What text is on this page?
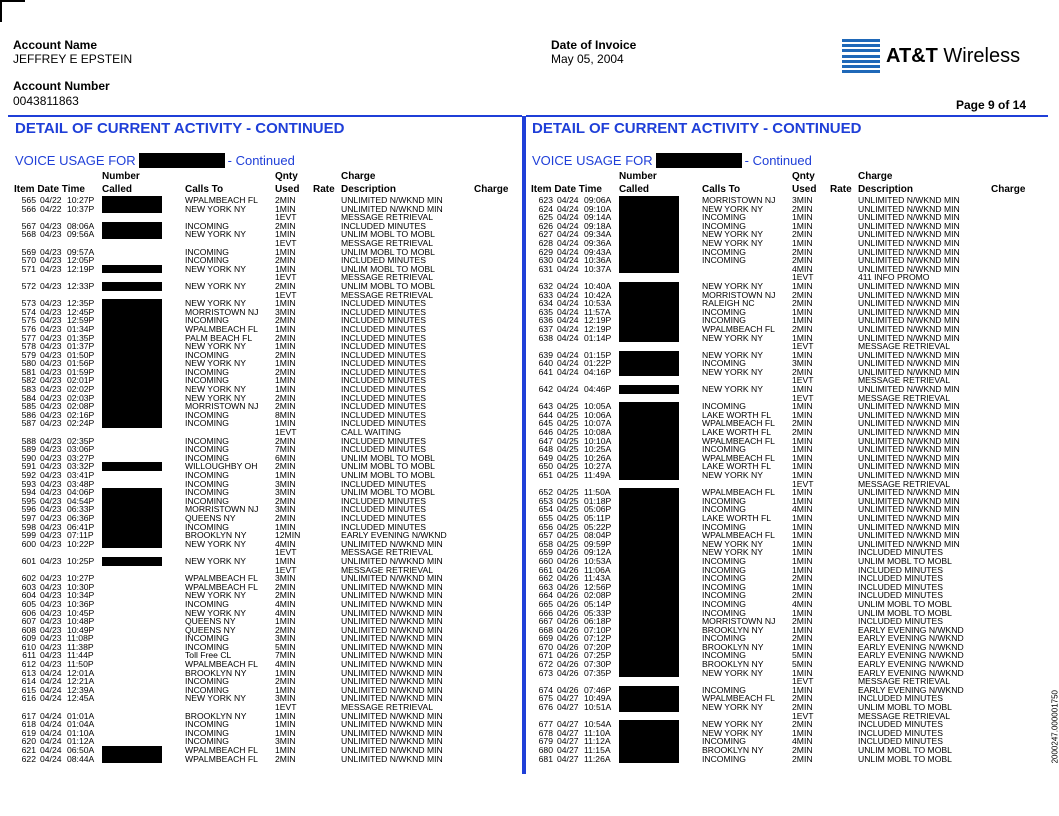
Account Name
JEFFREY E EPSTEIN
Account Number
0043811863
Date of Invoice
May 05, 2004	AT&T Wireless
Page 9 of 14
DETAIL OF CURRENT ACTIVITY - CONTINUED	DETAIL OF CURRENT ACTIVITY - CONTINUED
VOICE USAGE FOR	- Continued	VOICE USAGE FOR	- Continued
Number	Qnty	Charge
Item Date Time Called	Calls To	Used Rate Description	Charge
565 04/22 10:27P	WPALMBEACH FL 2MIN	UNLIMITED N/WKND MIN
566 04/22 10:37P	NEW YORK NY	1MIN	UNLIMITED N/WKND MIN
1EVT	MESSAGE RETRIEVAL
567 04/23 08:06A	INCOMING	2MIN	INCLUDED MINUTES
568 04/23 09:56A	NEW YORK NY	1MIN	UNLIM MOBL TO MOBL
1EVT	MESSAGE RETRIEVAL
569 04/23 09:57A	INCOMING	1MIN	UNLIM MOBL TO MOBL
570 04/23 12:05P	INCOMING	2MIN	INCLUDED MINUTES
571 04/23 12:19P	NEW YORK NY	1MIN	UNLIM MOBL TO MOBL
1EVT	MESSAGE RETRIEVAL
572 04/23 12:33P	NEW YORK NY	2MIN	UNLIM MOBL TO MOBL
1EVT	MESSAGE RETRIEVAL
573 04/23 12:35P	NEW YORK NY	1MIN	INCLUDED MINUTES
574 04/23 12:45P	MORRISTOWN NJ 3MIN	INCLUDED MINUTES
575 04/23 12:59P	INCOMING	2MIN	INCLUDED MINUTES
576 04/23 01:34P	WPALMBEACH FL 1MIN	INCLUDED MINUTES
577 04/23 01:35P	PALM BEACH FL	2MIN	INCLUDED MINUTES
578 04/23 01:37P	NEW YORK NY	1MIN	INCLUDED MINUTES
579 04/23 01:50P	INCOMING	2MIN	INCLUDED MINUTES
580 04/23 01:56P	NEW YORK NY	1MIN	INCLUDED MINUTES
581 04/23 01:59P	INCOMING	2MIN	INCLUDED MINUTES
582 04/23 02:01P	INCOMING	1MIN	INCLUDED MINUTES
583 04/23 02:02P	NEW YORK NY	1MIN	INCLUDED MINUTES
584 04/23 02:03P	NEW YORK NY	2MIN	INCLUDED MINUTES
585 04/23 02:08P	MORRISTOWN NJ 2MIN	INCLUDED MINUTES
586 04/23 02:16P	INCOMING	8MIN	INCLUDED MINUTES
587 04/23 02:24P	INCOMING	1MIN	INCLUDED MINUTES
1EVT	CALL WAITING
588 04/23 02:35P	INCOMING	2MIN	INCLUDED MINUTES
589 04/23 03:06P	INCOMING	7MIN	INCLUDED MINUTES
590 04/23 03:27P	INCOMING	6MIN	UNLIM MOBL TO MOBL
591 04/23 03:32P	WILLOUGHBY OH 2MIN	UNLIM MOBL TO MOBL
592 04/23 03:41P	INCOMING	1MIN	UNLIM MOBL TO MOBL
593 04/23 03:48P	INCOMING	3MIN	INCLUDED MINUTES
594 04/23 04:06P	INCOMING	3MIN	UNLIM MOBL TO MOBL
595 04/23 04:54P	INCOMING	2MIN	INCLUDED MINUTES
596 04/23 06:33P	MORRISTOWN NJ 3MIN	INCLUDED MINUTES
597 04/23 06:36P	QUEENS NY	2MIN	INCLUDED MINUTES
598 04/23 06:41P	INCOMING	1MIN	INCLUDED MINUTES
599 04/23 07:11P	BROOKLYN NY	12MIN	EARLY EVENING N/WKND
600 04/23 10:22P	NEW YORK NY	4MIN	UNLIMITED N/WKND MIN
1EVT	MESSAGE RETRIEVAL
601 04/23 10:25P	NEW YORK NY	1MIN	UNLIMITED N/WKND MIN
1EVT	MESSAGE RETRIEVAL
602 04/23 10:27P	WPALMBEACH FL 3MIN	UNLIMITED N/WKND MIN
603 04/23 10:30P	WPALMBEACH FL 2MIN	UNLIMITED N/WKND MIN
604 04/23 10:34P	NEW YORK NY	2MIN	UNLIMITED N/WKND MIN
605 04/23 10:36P	INCOMING	4MIN	UNLIMITED N/WKND MIN
606 04/23 10:45P	NEW YORK NY	4MIN	UNLIMITED N/WKND MIN
607 04/23 10:48P	QUEENS NY	1MIN	UNLIMITED N/WKND MIN
608 04/23 10:49P	QUEENS NY	2MIN	UNLIMITED N/WKND MIN
609 04/23 11:08P	INCOMING	3MIN	UNLIMITED N/WKND MIN
610 04/23 11:38P	INCOMING	5MIN	UNLIMITED N/WKND MIN
611 04/23 11:44P	Toll Free CL	7MIN	UNLIMITED N/WKND MIN
612 04/23 11:50P	WPALMBEACH FL 4MIN	UNLIMITED N/WKND MIN
613 04/24 12:01A	BROOKLYN NY	1MIN	UNLIMITED N/WKND MIN
614 04/24 12:21A	INCOMING	2MIN	UNLIMITED N/WKND MIN
615 04/24 12:39A	INCOMING	1MIN	UNLIMITED N/WKND MIN
616 04/24 12:45A	NEW YORK NY	3MIN	UNLIMITED N/WKND MIN
1EVT	MESSAGE RETRIEVAL
617 04/24 01:01A	BROOKLYN NY	1MIN	UNLIMITED N/WKND MIN
618 04/24 01:04A	INCOMING	1MIN	UNLIMITED N/WKND MIN
619 04/24 01:10A	INCOMING	1MIN	UNLIMITED N/WKND MIN
620 04/24 01:12A	INCOMING	3MIN	UNLIMITED N/WKND MIN
621 04/24 06:50A	WPALMBEACH FL 1MIN	UNLIMITED N/WKND MIN
622 04/24 08:44A	WPALMBEACH FL 2MIN	UNLIMITED N/WKND MIN
Number	Qnty	Charge
Item Date Time Called	Calls To	Used Rate Description	Charge
623 04/24 09:06A	MORRISTOWN NJ 3MIN	UNLIMITED N/WKND MIN
624 04/24 09:10A	NEW YORK NY	2MIN	UNLIMITED N/WKND MIN
625 04/24 09:14A	INCOMING	1MIN	UNLIMITED N/WKND MIN
626 04/24 09:18A	INCOMING	1MIN	UNLIMITED N/WKND MIN
627 04/24 09:34A	NEW YORK NY	2MIN	UNLIMITED N/WKND MIN
628 04/24 09:36A	NEW YORK NY	1MIN	UNLIMITED N/WKND MIN
629 04/24 09:43A	INCOMING	2MIN	UNLIMITED N/WKND MIN
630 04/24 10:36A	INCOMING	2MIN	UNLIMITED N/WKND MIN
631 04/24 10:37A	4MIN	UNLIMITED N/WKND MIN
1EVT	411 INFO PROMO
632 04/24 10:40A	NEW YORK NY	1MIN	UNLIMITED N/WKND MIN
633 04/24 10:42A	MORRISTOWN NJ 2MIN	UNLIMITED N/WKND MIN
634 04/24 10:53A	RALEIGH NC	2MIN	UNLIMITED N/WKND MIN
635 04/24 11:57A	INCOMING	1MIN	UNLIMITED N/WKND MIN
636 04/24 12:19P	INCOMING	1MIN	UNLIMITED N/WKND MIN
637 04/24 12:19P	WPALMBEACH FL 2MIN	UNLIMITED N/WKND MIN
638 04/24 01:14P	NEW YORK NY	1MIN	UNLIMITED N/WKND MIN
1EVT	MESSAGE RETRIEVAL
639 04/24 01:15P	NEW YORK NY	1MIN	UNLIMITED N/WKND MIN
640 04/24 01:22P	INCOMING	3MIN	UNLIMITED N/WKND MIN
641 04/24 04:16P	NEW YORK NY	2MIN	UNLIMITED N/WKND MIN
1EVT	MESSAGE RETRIEVAL
642 04/24 04:46P	NEW YORK NY	1MIN	UNLIMITED N/WKND MIN
1EVT	MESSAGE RETRIEVAL
643 04/25 10:05A	INCOMING	1MIN	UNLIMITED N/WKND MIN
644 04/25 10:06A	LAKE WORTH FL 1MIN	UNLIMITED N/WKND MIN
645 04/25 10:07A	WPALMBEACH FL 2MIN	UNLIMITED N/WKND MIN
646 04/25 10:08A	LAKE WORTH FL 2MIN	UNLIMITED N/WKND MIN
647 04/25 10:10A	WPALMBEACH FL 1MIN	UNLIMITED N/WKND MIN
648 04/25 10:25A	INCOMING	1MIN	UNLIMITED N/WKND MIN
649 04/25 10:26A	WPALMBEACH FL 1MIN	UNLIMITED N/WKND MIN
650 04/25 10:27A	LAKE WORTH FL 1MIN	UNLIMITED N/WKND MIN
651 04/25 11:49A	NEW YORK NY	1MIN	UNLIMITED N/WKND MIN
1EVT	MESSAGE RETRIEVAL
652 04/25 11:50A	WPALMBEACH FL 1MIN	UNLIMITED N/WKND MIN
653 04/25 01:18P	INCOMING	1MIN	UNLIMITED N/WKND MIN
654 04/25 05:06P	INCOMING	4MIN	UNLIMITED N/WKND MIN
655 04/25 05:11P	LAKE WORTH FL 1MIN	UNLIMITED N/WKND MIN
656 04/25 05:22P	INCOMING	1MIN	UNLIMITED N/WKND MIN
657 04/25 08:04P	WPALMBEACH FL 1MIN	UNLIMITED N/WKND MIN
658 04/25 09:59P	NEW YORK NY	1MIN	UNLIMITED N/WKND MIN
659 04/26 09:12A	NEW YORK NY	1MIN	INCLUDED MINUTES
660 04/26 10:53A	INCOMING	1MIN	UNLIM MOBL TO MOBL
661 04/26 11:06A	INCOMING	1MIN	INCLUDED MINUTES
662 04/26 11:43A	INCOMING	2MIN	INCLUDED MINUTES
663 04/26 12:56P	INCOMING	1MIN	INCLUDED MINUTES
664 04/26 02:08P	INCOMING	2MIN	INCLUDED MINUTES
665 04/26 05:14P	INCOMING	4MIN	UNLIM MOBL TO MOBL
666 04/26 05:33P	INCOMING	1MIN	UNLIM MOBL TO MOBL
667 04/26 06:18P	MORRISTOWN NJ 2MIN	INCLUDED MINUTES
668 04/26 07:10P	BROOKLYN NY	1MIN	EARLY EVENING N/WKND
669 04/26 07:12P	INCOMING	2MIN	EARLY EVENING N/WKND
670 04/26 07:20P	BROOKLYN NY	1MIN	EARLY EVENING N/WKND
671 04/26 07:25P	INCOMING	5MIN	EARLY EVENING N/WKND
672 04/26 07:30P	BROOKLYN NY	5MIN	EARLY EVENING N/WKND
673 04/26 07:35P	NEW YORK NY	1MIN	EARLY EVENING N/WKND
1EVT	MESSAGE RETRIEVAL
674 04/26 07:46P	INCOMING	1MIN	EARLY EVENING N/WKND
675 04/27 10:49A	WPALMBEACH FL 2MIN	INCLUDED MINUTES
676 04/27 10:51A	NEW YORK NY	2MIN	UNLIM MOBL TO MOBL
1EVT	MESSAGE RETRIEVAL
677 04/27 10:54A	NEW YORK NY	2MIN	INCLUDED MINUTES
678 04/27 11:10A	NEW YORK NY	1MIN	INCLUDED MINUTES
679 04/27 11:12A	INCOMING	4MIN	INCLUDED MINUTES
680 04/27 11:15A	BROOKLYN NY	2MIN	UNLIM MOBL TO MOBL
681 04/27 11:26A	INCOMING	2MIN	UNLIM MOBL TO MOBL	2000247.000001750
